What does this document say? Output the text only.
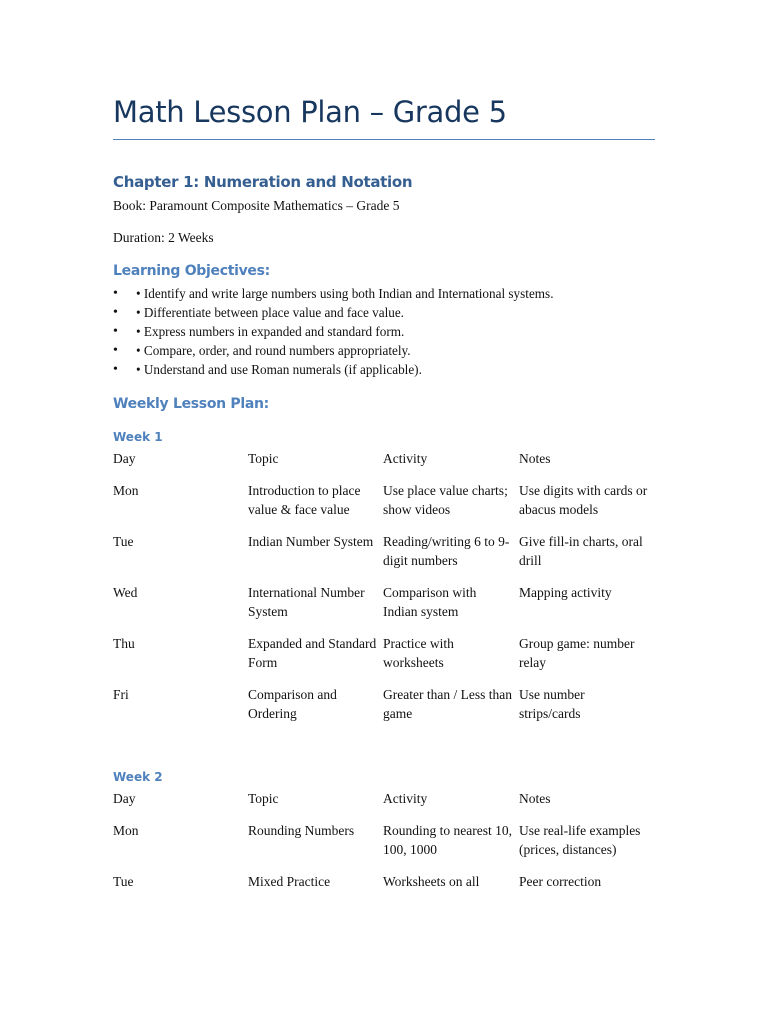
Math Lesson Plan – Grade 5
Chapter 1: Numeration and Notation

Book: Paramount Composite Mathematics – Grade 5

Duration: 2 Weeks

Learning Objectives:
• • Identify and write large numbers using both Indian and International systems.
• • Differentiate between place value and face value.
• • Express numbers in expanded and standard form.
• • Compare, order, and round numbers appropriately.
• • Understand and use Roman numerals (if applicable).
Weekly Lesson Plan:
Week 1
Day	Topic	Activity	Notes

Mon	Introduction to place value & face value	Use place value charts; show videos	Use digits with cards or abacus models

Tue	Indian Number System	Reading/writing 6 to 9-digit numbers	Give fill-in charts, oral drill

Wed	International Number System	Comparison with Indian system	Mapping activity

Thu	Expanded and Standard Form	Practice with worksheets	Group game: number relay

Fri	Comparison and Ordering	Greater than / Less than game	Use number strips/cards
Week 2
Day	Topic	Activity	Notes

Mon	Rounding Numbers	Rounding to nearest 10, 100, 1000	Use real-life examples (prices, distances)

Tue	Mixed Practice	Worksheets on all	Peer correction
